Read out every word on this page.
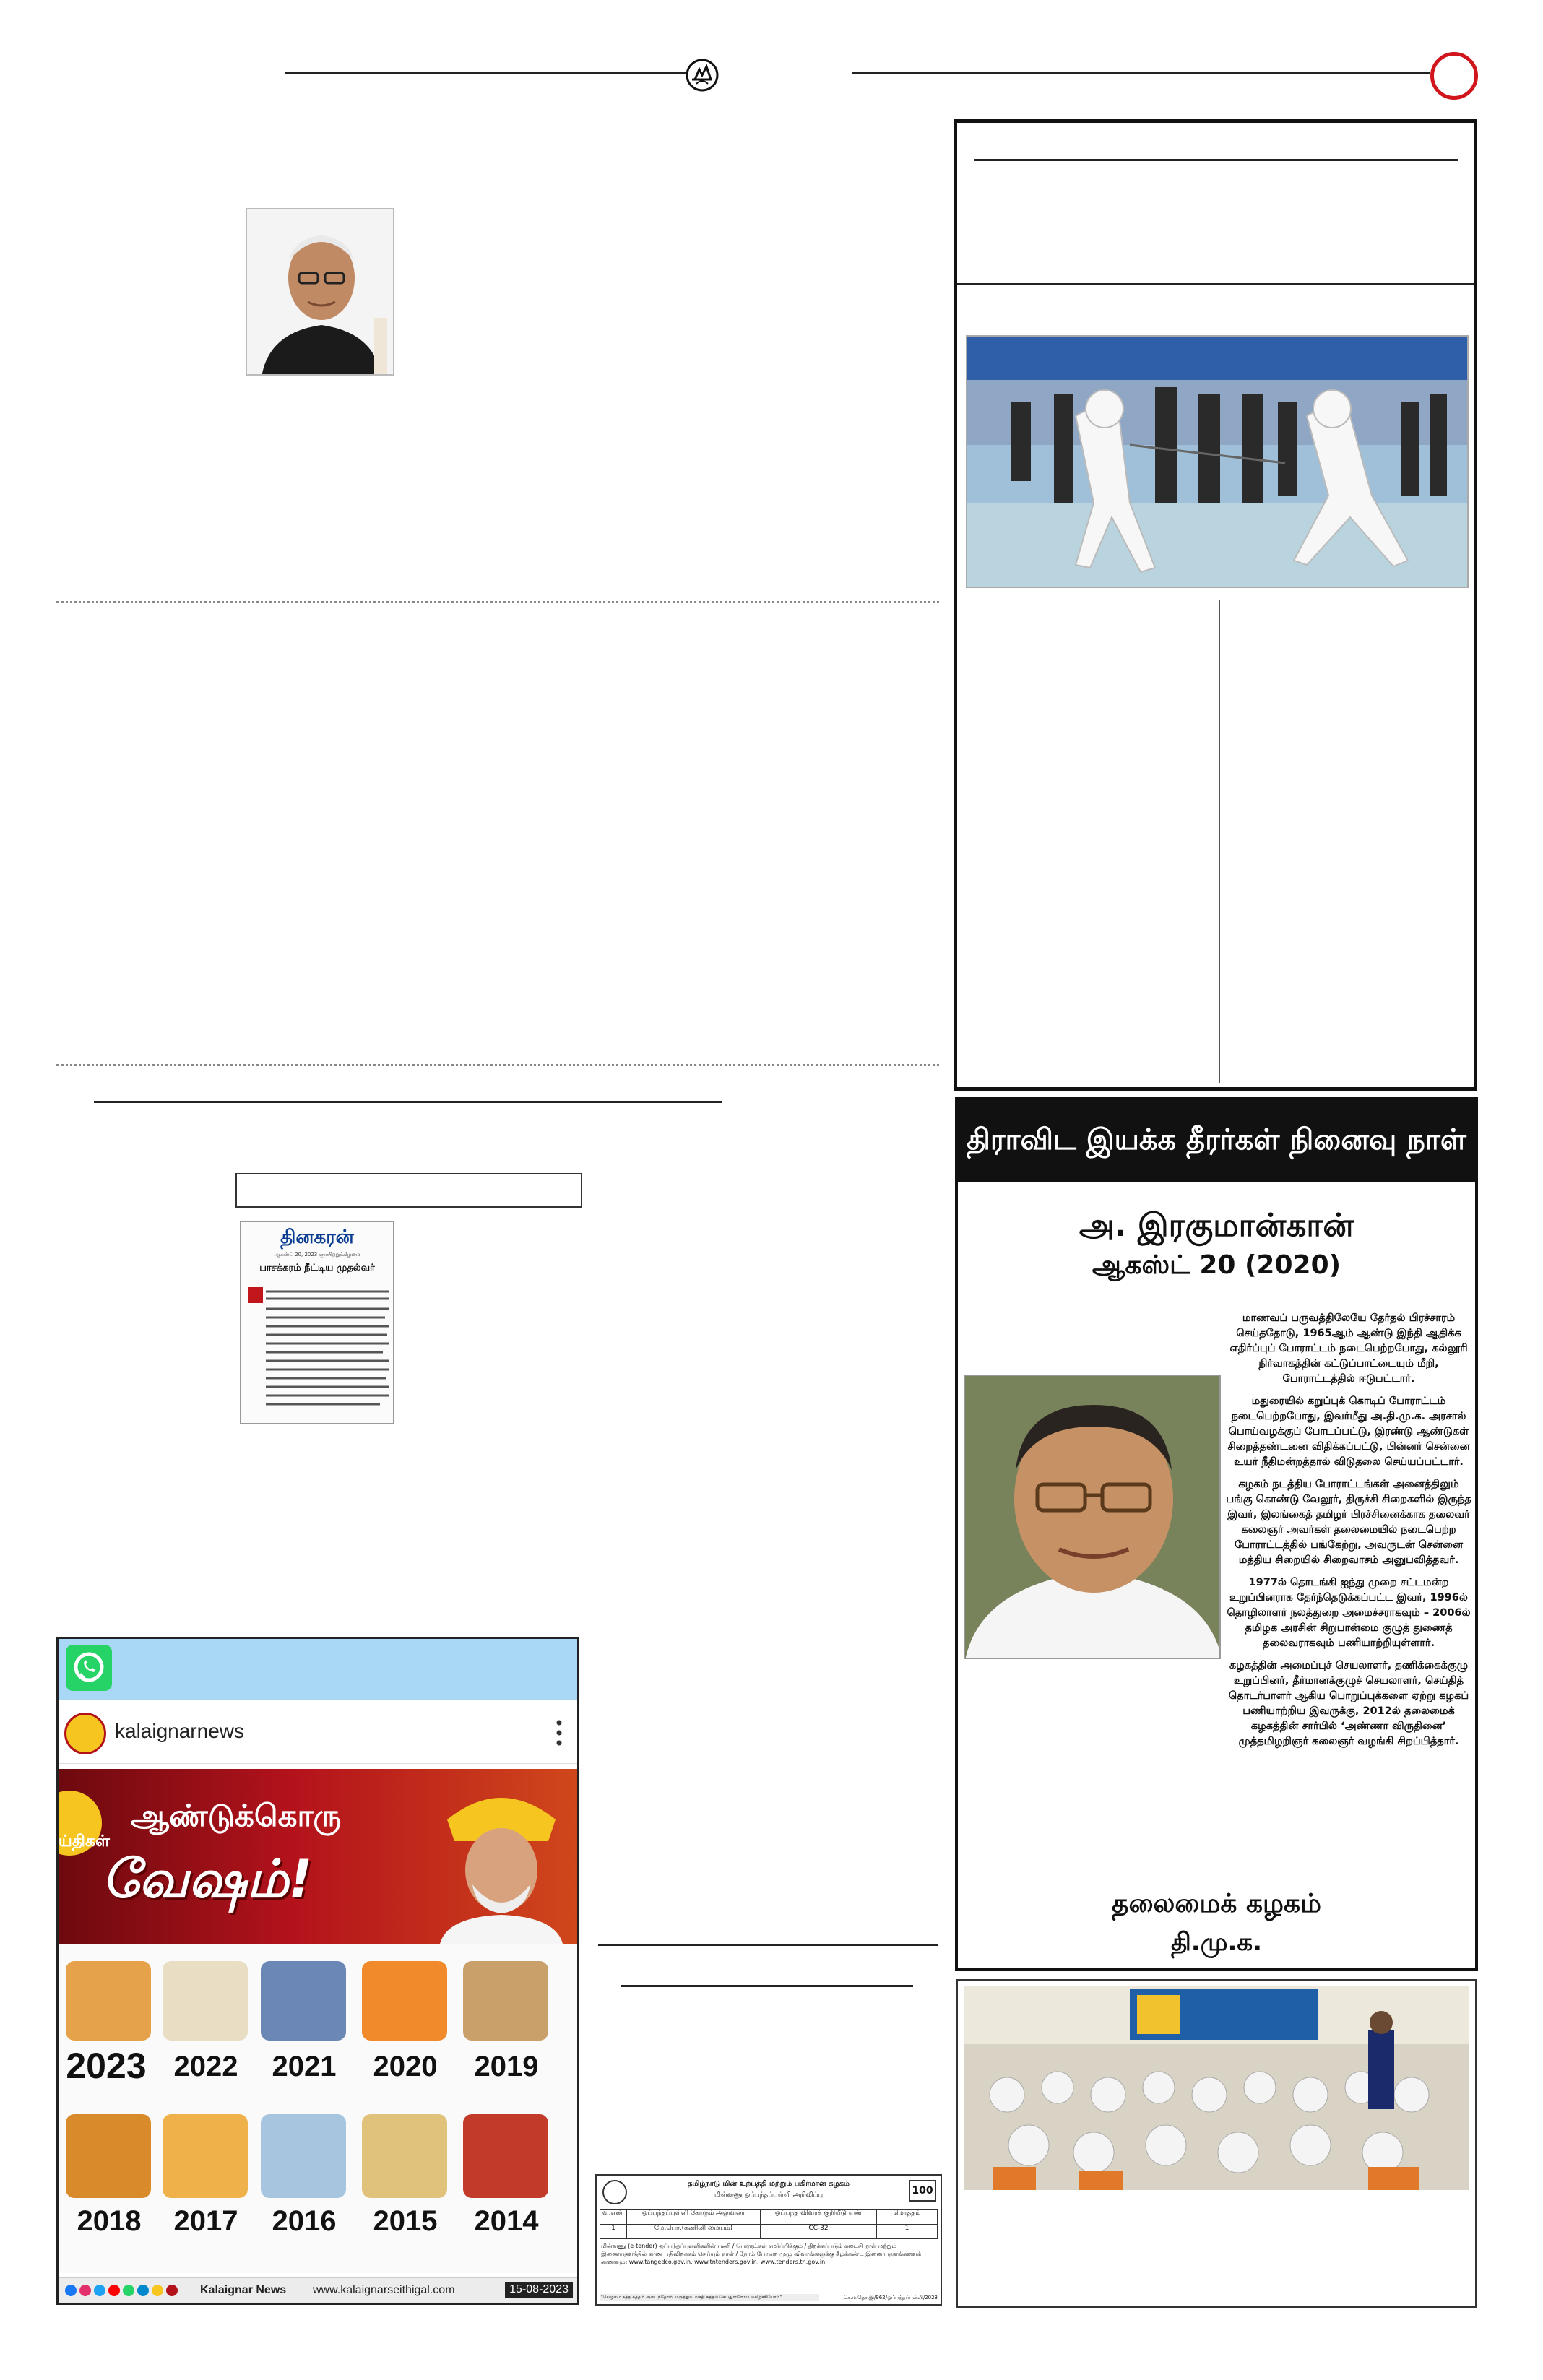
தினகரன்
ஆகஸ்ட் 20, 2023 ஞாயிற்றுக்கிழமை
பாசக்கரம் நீட்டிய முதல்வர்
kalaignarnews
ய்திகள்
ஆண்டுக்கொரு
வேஷம்!
2023 2022	2021	2020	2019
2018	2017	2016	2015	2014
Kalaignar News www.kalaignarseithigal.com	15-08-2023
தமிழ்நாடு மின் உற்பத்தி மற்றும் பகிர்மான கழகம்
மின்னணு ஒப்பந்தப்புள்ளி அறிவிப்பு	100
வ.எண்	ஒப்பந்தப்புள்ளி கோரும் அலுவலர்	ஒப்பந்த விவரக் குறியீடு எண்	மொத்தம்
1	மே.பொ.(கணினி மையம்)	CC-32	1
மின்னணு (e-tender) ஒப்பந்தப்புள்ளிகளின் பணி / பொருட்கள் சமர்ப்பிக்கும் / திறக்கப்படும் கடைசி நாள் மற்றும் இணையதளத்தில் காண பதிவிறக்கம் செய்யும் நாள் / நேரம் போன்ற முழு விவரங்களுக்கு கீழ்க்கண்ட இணையதளங்களைக் காணவும்: www.tangedco.gov.in, www.tntenders.gov.in, www.tenders.tn.gov.in
"செழுமை சுத்த சுத்தம் அடைந்தோம், மருத்துவ வசதி சுத்தம் செய்துள்ளோம் மகிழ்ச்சியோம்"	செ.ம.தொ.இ/962/ஒப்பந்தப்புள்ளி/2023
திராவிட இயக்க தீரர்கள் நினைவு நாள்
அ. இரகுமான்கான்
ஆகஸ்ட் 20 (2020)

மாணவப் பருவத்திலேயே தேர்தல் பிரச்சாரம் செய்ததோடு, 1965ஆம் ஆண்டு இந்தி ஆதிக்க எதிர்ப்புப் போராட்டம் நடைபெற்றபோது, கல்லூரி நிர்வாகத்தின் கட்டுப்பாட்டையும் மீறி, போராட்டத்தில் ஈடுபட்டார்.

மதுரையில் கறுப்புக் கொடிப் போராட்டம் நடைபெற்றபோது, இவர்மீது அ.தி.மு.க. அரசால் பொய்வழக்குப் போடப்பட்டு, இரண்டு ஆண்டுகள் சிறைத்தண்டனை விதிக்கப்பட்டு, பின்னர் சென்னை உயர் நீதிமன்றத்தால் விடுதலை செய்யப்பட்டார்.

கழகம் நடத்திய போராட்டங்கள் அனைத்திலும் பங்கு கொண்டு வேலூர், திருச்சி சிறைகளில் இருந்த இவர், இலங்கைத் தமிழர் பிரச்சினைக்காக தலைவர் கலைஞர் அவர்கள் தலைமையில் நடைபெற்ற போராட்டத்தில் பங்கேற்று, அவருடன் சென்னை மத்திய சிறையில் சிறைவாசம் அனுபவித்தவர்.

1977ல் தொடங்கி ஐந்து முறை சட்டமன்ற உறுப்பினராக தேர்ந்தெடுக்கப்பட்ட இவர், 1996ல் தொழிலாளர் நலத்துறை அமைச்சராகவும் – 2006ல் தமிழக அரசின் சிறுபான்மை குழுத் துணைத் தலைவராகவும் பணியாற்றியுள்ளார்.

கழகத்தின் அமைப்புச் செயலாளர், தணிக்கைக்குழு உறுப்பினர், தீர்மானக்குழுச் செயலாளர், செய்தித் தொடர்பாளர் ஆகிய பொறுப்புக்களை ஏற்று கழகப் பணியாற்றிய இவருக்கு, 2012ல் தலைமைக் கழகத்தின் சார்பில் ‘அண்ணா விருதினை’ முத்தமிழறிஞர் கலைஞர் வழங்கி சிறப்பித்தார்.

தலைமைக் கழகம்
தி.மு.க.
